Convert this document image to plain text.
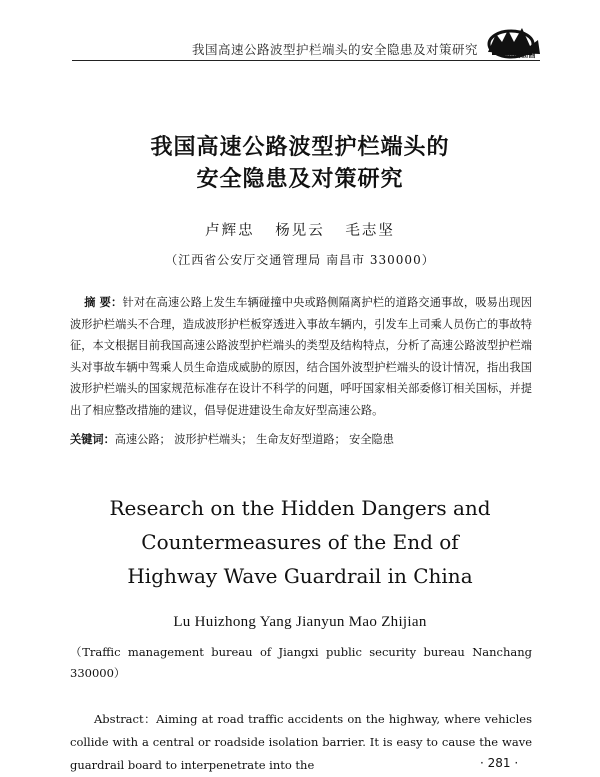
我国高速公路波型护栏端头的安全隐患及对策研究	中国油画
我国高速公路波型护栏端头的
安全隐患及对策研究
卢辉忠 杨见云 毛志坚
（江西省公安厅交通管理局 南昌市 330000）
摘 要：针对在高速公路上发生车辆碰撞中央或路侧隔离护栏的道路交通事故，吸易出现因波形护栏端头不合理，造成波形护栏板穿透进入事故车辆内，引发车上司乘人员伤亡的事故特征，本文根据目前我国高速公路波型护栏端头的类型及结构特点，分析了高速公路波型护栏端头对事故车辆中驾乘人员生命造成威胁的原因，结合国外波型护栏端头的设计情况，指出我国波形护栏端头的国家规范标准存在设计不科学的问题，呼吁国家相关部委修订相关国标，并提出了相应整改措施的建议，倡导促进建设生命友好型高速公路。
关键词：高速公路； 波形护栏端头； 生命友好型道路； 安全隐患
Research on the Hidden Dangers and
Countermeasures of the End of
Highway Wave Guardrail in China
Lu Huizhong Yang Jianyun Mao Zhijian
（Traffic management bureau of Jiangxi public security bureau Nanchang 330000）
Abstract：Aiming at road traffic accidents on the highway, where vehicles collide with a central or roadside isolation barrier. It is easy to cause the wave guardrail board to interpenetrate into the	· 281 ·
